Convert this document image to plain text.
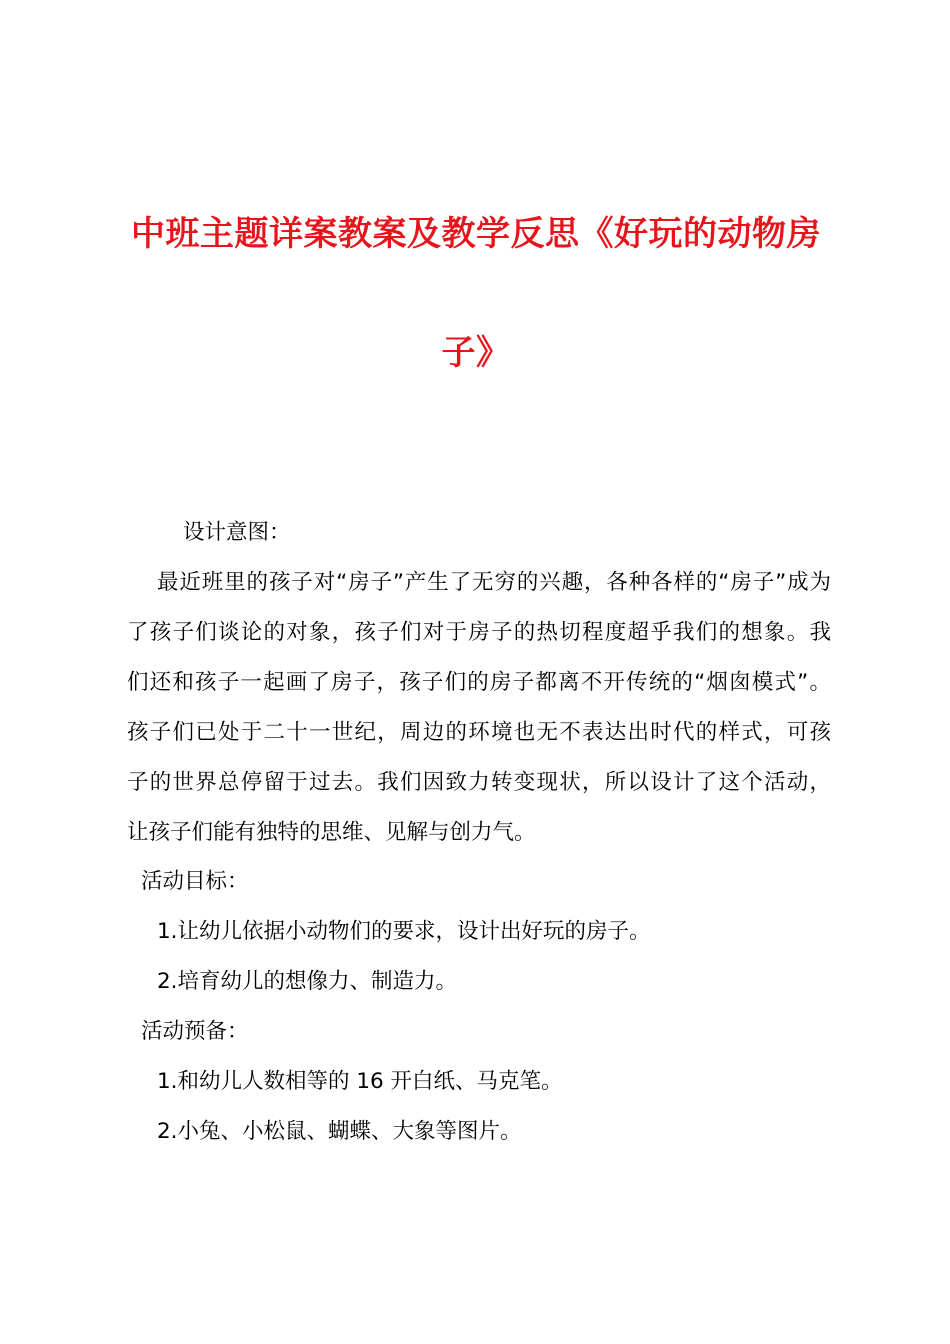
中班主题详案教案及教学反思《好玩的动物房
子》
设计意图：
最近班里的孩子对“房子”产生了无穷的兴趣，各种各样的“房子”成为
了孩子们谈论的对象，孩子们对于房子的热切程度超乎我们的想象。我
们还和孩子一起画了房子，孩子们的房子都离不开传统的“烟囱模式”。
孩子们已处于二十一世纪，周边的环境也无不表达出时代的样式，可孩
子的世界总停留于过去。我们因致力转变现状，所以设计了这个活动，
让孩子们能有独特的思维、见解与创力气。
活动目标：
1.让幼儿依据小动物们的要求，设计出好玩的房子。
2.培育幼儿的想像力、制造力。
活动预备：
1.和幼儿人数相等的 16 开白纸、马克笔。
2.小兔、小松鼠、蝴蝶、大象等图片。
